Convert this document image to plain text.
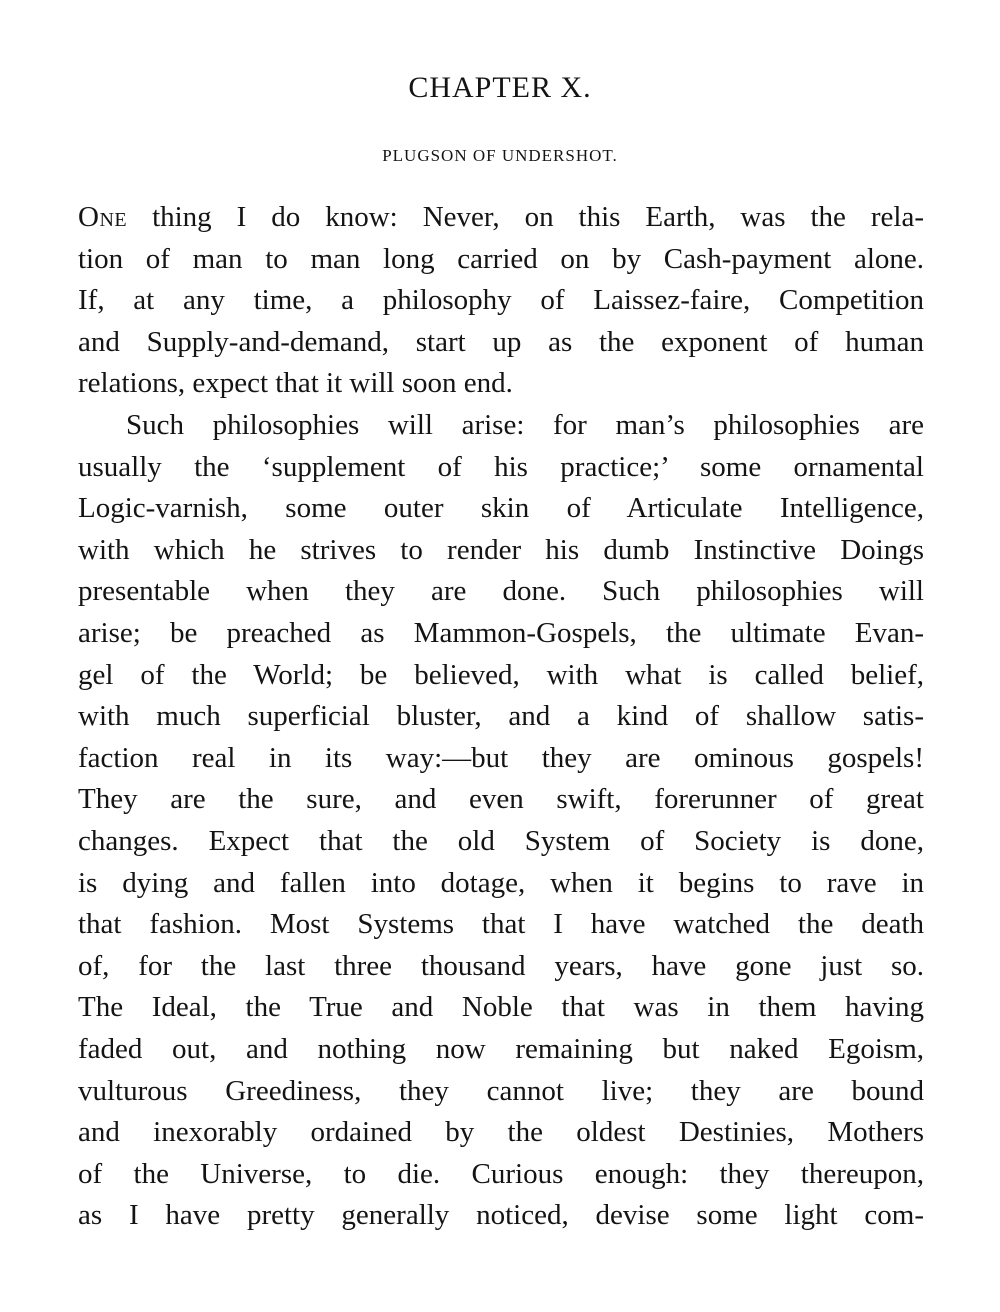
CHAPTER X.
PLUGSON OF UNDERSHOT.
One thing I do know: Never, on this Earth, was the rela-
tion of man to man long carried on by Cash-payment alone.
If, at any time, a philosophy of Laissez-faire, Competition
and Supply-and-demand, start up as the exponent of human
relations, expect that it will soon end.
Such philosophies will arise: for man’s philosophies are
usually the ‘supplement of his practice;’ some ornamental
Logic-varnish, some outer skin of Articulate Intelligence,
with which he strives to render his dumb Instinctive Doings
presentable when they are done. Such philosophies will
arise; be preached as Mammon-Gospels, the ultimate Evan-
gel of the World; be believed, with what is called belief,
with much superficial bluster, and a kind of shallow satis-
faction real in its way:—but they are ominous gospels!
They are the sure, and even swift, forerunner of great
changes. Expect that the old System of Society is done,
is dying and fallen into dotage, when it begins to rave in
that fashion. Most Systems that I have watched the death
of, for the last three thousand years, have gone just so.
The Ideal, the True and Noble that was in them having
faded out, and nothing now remaining but naked Egoism,
vulturous Greediness, they cannot live; they are bound
and inexorably ordained by the oldest Destinies, Mothers
of the Universe, to die. Curious enough: they thereupon,
as I have pretty generally noticed, devise some light com-
